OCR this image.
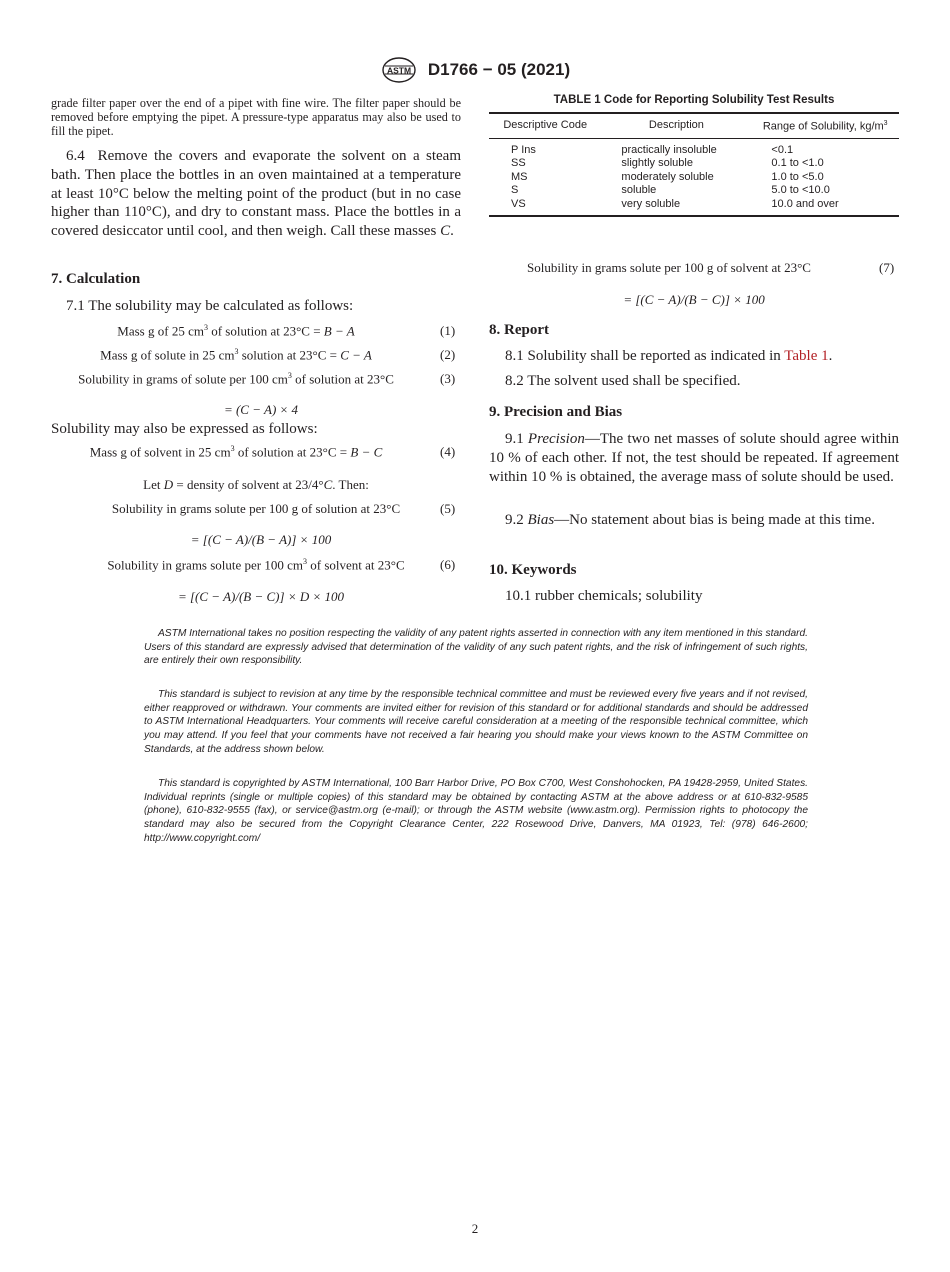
ASTM D1766 − 05 (2021)

grade filter paper over the end of a pipet with fine wire. The filter paper should be removed before emptying the pipet. A pressure-type apparatus may also be used to fill the pipet.

6.4 Remove the covers and evaporate the solvent on a steam bath. Then place the bottles in an oven maintained at a temperature at least 10°C below the melting point of the product (but in no case higher than 110°C), and dry to constant mass. Place the bottles in a covered desiccator until cool, and then weigh. Call these masses C.

7. Calculation
7.1 The solubility may be calculated as follows:
Mass g of 25 $cm^3$ of solution at 23°C = B − A	(1)
Mass g of solute in 25 $cm^3$ solution at 23°C = C − A	(2)
Solubility in grams of solute per 100 $cm^3$ of solution at 23°C	(3)
= (C − A) × 4
Solubility may also be expressed as follows:
Mass g of solvent in 25 $cm^3$ of solution at 23°C = B − C	(4)
Let D = density of solvent at 23/4°C. Then:
Solubility in grams solute per 100 g of solution at 23°C	(5)
= [(C − A)/(B − A)] × 100
Solubility in grams solute per 100 $cm^3$ of solvent at 23°C	(6)
= [(C − A)/(B − C)] × D × 100
TABLE 1 Code for Reporting Solubility Test Results
Descriptive Code	Description	Range of Solubility, $kg/m^3$
P Ins	practically insoluble	<0.1
SS	slightly soluble	0.1 to <1.0
MS	moderately soluble	1.0 to <5.0
S	soluble	5.0 to <10.0
VS	very soluble	10.0 and over
Solubility in grams solute per 100 g of solvent at 23°C	(7)
= [(C − A)/(B − C)] × 100
8. Report
8.1 Solubility shall be reported as indicated in Table 1.
8.2 The solvent used shall be specified.
9. Precision and Bias

9.1 Precision—The two net masses of solute should agree within 10 % of each other. If not, the test should be repeated. If agreement within 10 % is obtained, the average mass of solute should be used.

9.2 Bias—No statement about bias is being made at this time.

10. Keywords
10.1 rubber chemicals; solubility

ASTM International takes no position respecting the validity of any patent rights asserted in connection with any item mentioned in this standard. Users of this standard are expressly advised that determination of the validity of any such patent rights, and the risk of infringement of such rights, are entirely their own responsibility.

This standard is subject to revision at any time by the responsible technical committee and must be reviewed every five years and if not revised, either reapproved or withdrawn. Your comments are invited either for revision of this standard or for additional standards and should be addressed to ASTM International Headquarters. Your comments will receive careful consideration at a meeting of the responsible technical committee, which you may attend. If you feel that your comments have not received a fair hearing you should make your views known to the ASTM Committee on Standards, at the address shown below.

This standard is copyrighted by ASTM International, 100 Barr Harbor Drive, PO Box C700, West Conshohocken, PA 19428-2959, United States. Individual reprints (single or multiple copies) of this standard may be obtained by contacting ASTM at the above address or at 610-832-9585 (phone), 610-832-9555 (fax), or service@astm.org (e-mail); or through the ASTM website (www.astm.org). Permission rights to photocopy the standard may also be secured from the Copyright Clearance Center, 222 Rosewood Drive, Danvers, MA 01923, Tel: (978) 646-2600; http://www.copyright.com/

2
